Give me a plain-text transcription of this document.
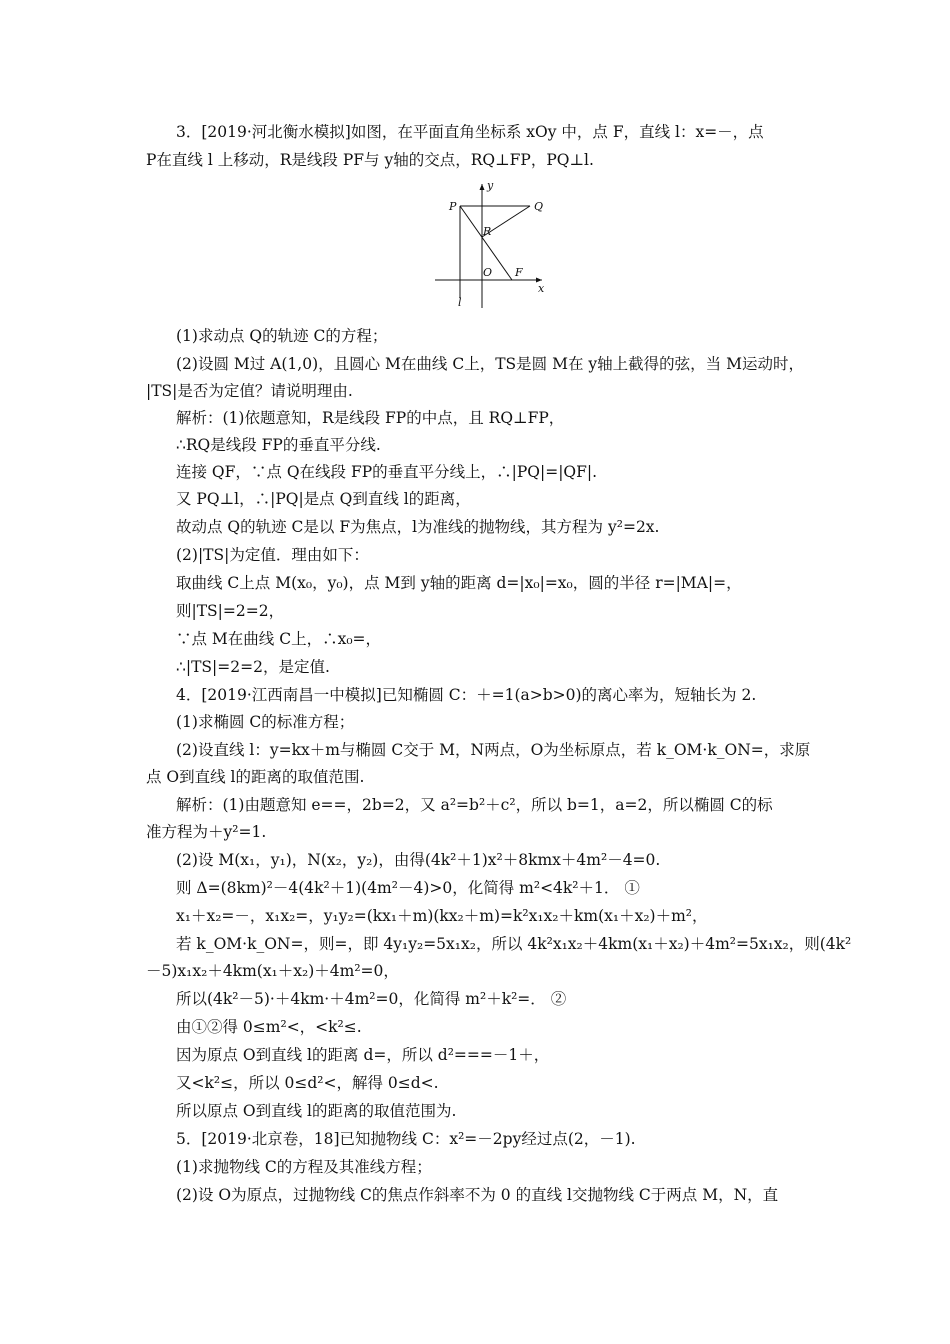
3．[2019·河北衡水模拟]如图，在平面直角坐标系 xOy 中，点 F，直线 l：x=－，点
P在直线 l 上移动，R是线段 PF与 y轴的交点，RQ⊥FP，PQ⊥l.
y
x
P	Q
R
O F
l
(1)求动点 Q的轨迹 C的方程；
(2)设圆 M过 A(1,0)，且圆心 M在曲线 C上，TS是圆 M在 y轴上截得的弦，当 M运动时，
|TS|是否为定值？请说明理由.
解析：(1)依题意知，R是线段 FP的中点，且 RQ⊥FP，
∴RQ是线段 FP的垂直平分线.
连接 QF，∵点 Q在线段 FP的垂直平分线上，∴|PQ|=|QF|.
又 PQ⊥l，∴|PQ|是点 Q到直线 l的距离，
故动点 Q的轨迹 C是以 F为焦点，l为准线的抛物线，其方程为 y²=2x.
(2)|TS|为定值．理由如下：
取曲线 C上点 M(x₀，y₀)，点 M到 y轴的距离 d=|x₀|=x₀，圆的半径 r=|MA|=，
则|TS|=2=2，
∵点 M在曲线 C上，∴x₀=，
∴|TS|=2=2，是定值.
4．[2019·江西南昌一中模拟]已知椭圆 C：＋=1(a>b>0)的离心率为，短轴长为 2.
(1)求椭圆 C的标准方程；
(2)设直线 l：y=kx＋m与椭圆 C交于 M，N两点，O为坐标原点，若 k_OM·k_ON=，求原
点 O到直线 l的距离的取值范围.
解析：(1)由题意知 e==，2b=2，又 a²=b²＋c²，所以 b=1，a=2，所以椭圆 C的标
准方程为＋y²=1.
(2)设 M(x₁，y₁)，N(x₂，y₂)，由得(4k²＋1)x²＋8kmx＋4m²－4=0.
则 Δ=(8km)²－4(4k²＋1)(4m²－4)>0，化简得 m²<4k²＋1． ①
x₁＋x₂=－，x₁x₂=，y₁y₂=(kx₁＋m)(kx₂＋m)=k²x₁x₂＋km(x₁＋x₂)＋m²，
若 k_OM·k_ON=，则=，即 4y₁y₂=5x₁x₂，所以 4k²x₁x₂＋4km(x₁＋x₂)＋4m²=5x₁x₂，则(4k²
－5)x₁x₂＋4km(x₁＋x₂)＋4m²=0，
所以(4k²－5)·＋4km·＋4m²=0，化简得 m²＋k²=． ②
由①②得 0≤m²<，<k²≤.
因为原点 O到直线 l的距离 d=，所以 d²===－1＋，
又<k²≤，所以 0≤d²<，解得 0≤d<.
所以原点 O到直线 l的距离的取值范围为.
5．[2019·北京卷，18]已知抛物线 C：x²=－2py经过点(2，－1).
(1)求抛物线 C的方程及其准线方程；
(2)设 O为原点，过抛物线 C的焦点作斜率不为 0 的直线 l交抛物线 C于两点 M，N，直
